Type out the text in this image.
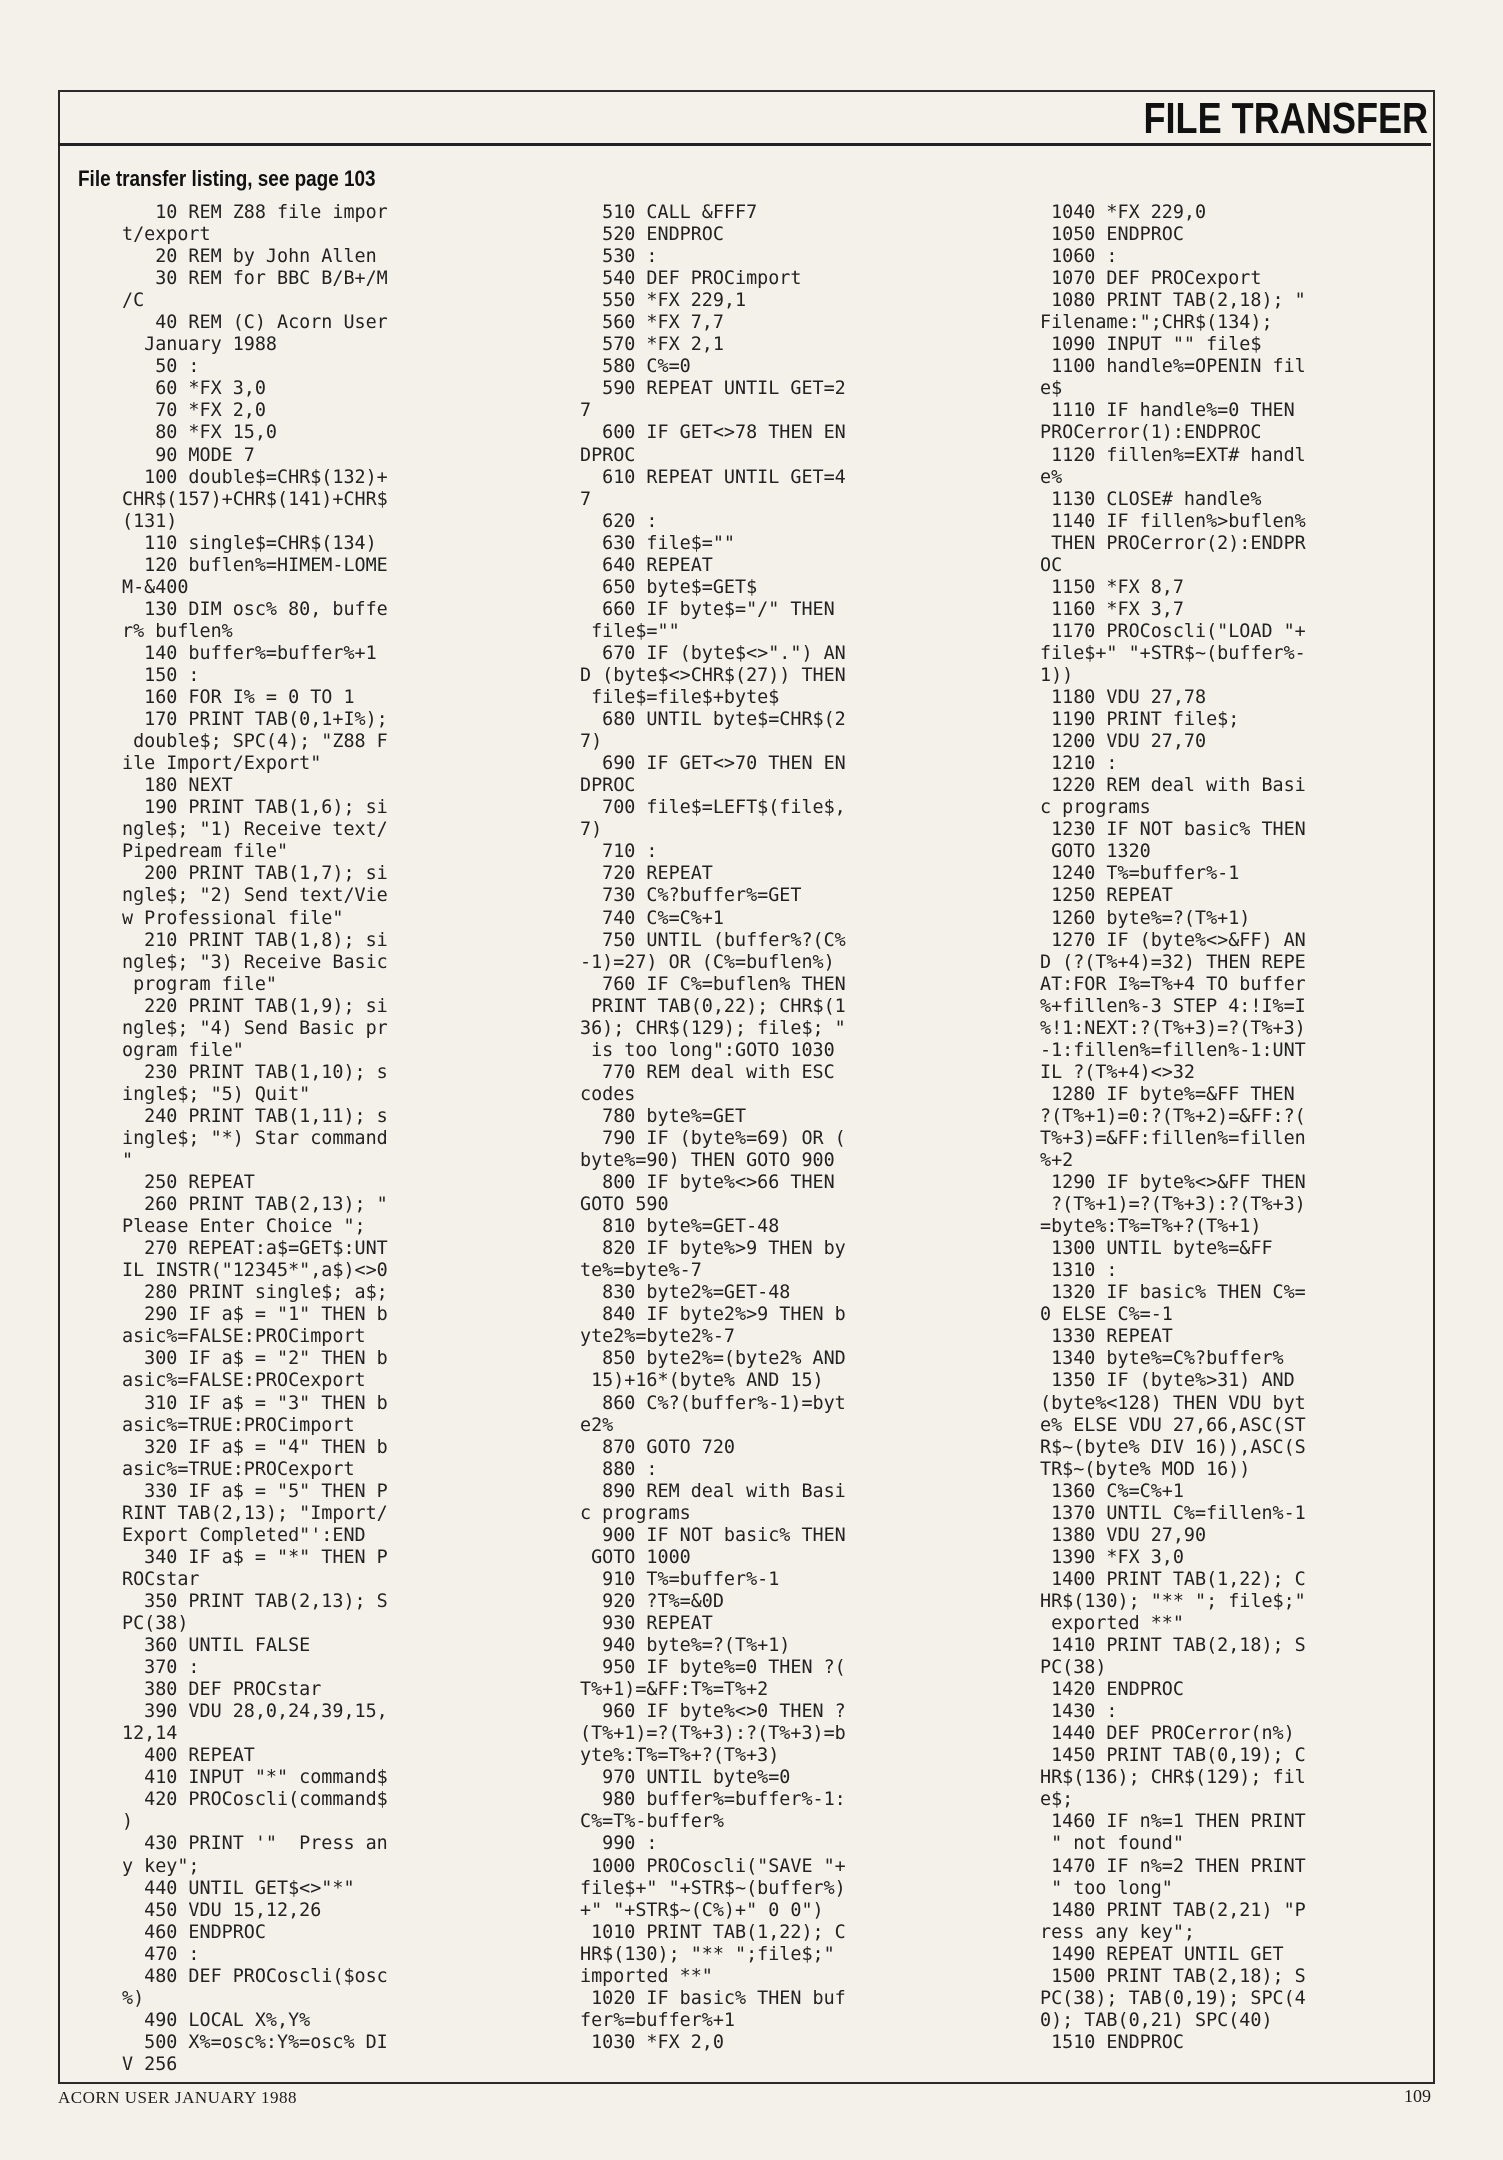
FILE TRANSFER
File transfer listing, see page 103
10 REM Z88 file impor
t/export
20 REM by John Allen
30 REM for BBC B/B+/M
/C
40 REM (C) Acorn User
January 1988
50 :
60 *FX 3,0
70 *FX 2,0
80 *FX 15,0
90 MODE 7
100 double$=CHR$(132)+
CHR$(157)+CHR$(141)+CHR$
(131)
110 single$=CHR$(134)
120 buflen%=HIMEM-LOME
M-&400
130 DIM osc% 80, buffe
r% buflen%
140 buffer%=buffer%+1
150 :
160 FOR I% = 0 TO 1
170 PRINT TAB(0,1+I%);
double$; SPC(4); "Z88 F
ile Import/Export"
180 NEXT
190 PRINT TAB(1,6); si
ngle$; "1) Receive text/
Pipedream file"
200 PRINT TAB(1,7); si
ngle$; "2) Send text/Vie
w Professional file"
210 PRINT TAB(1,8); si
ngle$; "3) Receive Basic
program file"
220 PRINT TAB(1,9); si
ngle$; "4) Send Basic pr
ogram file"
230 PRINT TAB(1,10); s
ingle$; "5) Quit"
240 PRINT TAB(1,11); s
ingle$; "*) Star command
"
250 REPEAT
260 PRINT TAB(2,13); "
Please Enter Choice ";
270 REPEAT:a$=GET$:UNT
IL INSTR("12345*",a$)<>0
280 PRINT single$; a$;
290 IF a$ = "1" THEN b
asic%=FALSE:PROCimport
300 IF a$ = "2" THEN b
asic%=FALSE:PROCexport
310 IF a$ = "3" THEN b
asic%=TRUE:PROCimport
320 IF a$ = "4" THEN b
asic%=TRUE:PROCexport
330 IF a$ = "5" THEN P
RINT TAB(2,13); "Import/
Export Completed"':END
340 IF a$ = "*" THEN P
ROCstar
350 PRINT TAB(2,13); S
PC(38)
360 UNTIL FALSE
370 :
380 DEF PROCstar
390 VDU 28,0,24,39,15,
12,14
400 REPEAT
410 INPUT "*" command$
420 PROCoscli(command$
)
430 PRINT '"  Press an
y key";
440 UNTIL GET$<>"*"
450 VDU 15,12,26
460 ENDPROC
470 :
480 DEF PROCoscli($osc
%)
490 LOCAL X%,Y%
500 X%=osc%:Y%=osc% DI
V 256
510 CALL &FFF7
520 ENDPROC
530 :
540 DEF PROCimport
550 *FX 229,1
560 *FX 7,7
570 *FX 2,1
580 C%=0
590 REPEAT UNTIL GET=2
7
600 IF GET<>78 THEN EN
DPROC
610 REPEAT UNTIL GET=4
7
620 :
630 file$=""
640 REPEAT
650 byte$=GET$
660 IF byte$="/" THEN
file$=""
670 IF (byte$<>".") AN
D (byte$<>CHR$(27)) THEN
file$=file$+byte$
680 UNTIL byte$=CHR$(2
7)
690 IF GET<>70 THEN EN
DPROC
700 file$=LEFT$(file$,
7)
710 :
720 REPEAT
730 C%?buffer%=GET
740 C%=C%+1
750 UNTIL (buffer%?(C%
-1)=27) OR (C%=buflen%)
760 IF C%=buflen% THEN
PRINT TAB(0,22); CHR$(1
36); CHR$(129); file$; "
is too long":GOTO 1030
770 REM deal with ESC
codes
780 byte%=GET
790 IF (byte%=69) OR (
byte%=90) THEN GOTO 900
800 IF byte%<>66 THEN
GOTO 590
810 byte%=GET-48
820 IF byte%>9 THEN by
te%=byte%-7
830 byte2%=GET-48
840 IF byte2%>9 THEN b
yte2%=byte2%-7
850 byte2%=(byte2% AND
15)+16*(byte% AND 15)
860 C%?(buffer%-1)=byt
e2%
870 GOTO 720
880 :
890 REM deal with Basi
c programs
900 IF NOT basic% THEN
GOTO 1000
910 T%=buffer%-1
920 ?T%=&0D
930 REPEAT
940 byte%=?(T%+1)
950 IF byte%=0 THEN ?(
T%+1)=&FF:T%=T%+2
960 IF byte%<>0 THEN ?
(T%+1)=?(T%+3):?(T%+3)=b
yte%:T%=T%+?(T%+3)
970 UNTIL byte%=0
980 buffer%=buffer%-1:
C%=T%-buffer%
990 :
1000 PROCoscli("SAVE "+
file$+" "+STR$~(buffer%)
+" "+STR$~(C%)+" 0 0")
1010 PRINT TAB(1,22); C
HR$(130); "** ";file$;"
imported **"
1020 IF basic% THEN buf
fer%=buffer%+1
1030 *FX 2,0
1040 *FX 229,0
1050 ENDPROC
1060 :
1070 DEF PROCexport
1080 PRINT TAB(2,18); "
Filename:";CHR$(134);
1090 INPUT "" file$
1100 handle%=OPENIN fil
e$
1110 IF handle%=0 THEN
PROCerror(1):ENDPROC
1120 fillen%=EXT# handl
e%
1130 CLOSE# handle%
1140 IF fillen%>buflen%
THEN PROCerror(2):ENDPR
OC
1150 *FX 8,7
1160 *FX 3,7
1170 PROCoscli("LOAD "+
file$+" "+STR$~(buffer%-
1))
1180 VDU 27,78
1190 PRINT file$;
1200 VDU 27,70
1210 :
1220 REM deal with Basi
c programs
1230 IF NOT basic% THEN
GOTO 1320
1240 T%=buffer%-1
1250 REPEAT
1260 byte%=?(T%+1)
1270 IF (byte%<>&FF) AN
D (?(T%+4)=32) THEN REPE
AT:FOR I%=T%+4 TO buffer
%+fillen%-3 STEP 4:!I%=I
%!1:NEXT:?(T%+3)=?(T%+3)
-1:fillen%=fillen%-1:UNT
IL ?(T%+4)<>32
1280 IF byte%=&FF THEN
?(T%+1)=0:?(T%+2)=&FF:?(
T%+3)=&FF:fillen%=fillen
%+2
1290 IF byte%<>&FF THEN
?(T%+1)=?(T%+3):?(T%+3)
=byte%:T%=T%+?(T%+1)
1300 UNTIL byte%=&FF
1310 :
1320 IF basic% THEN C%=
0 ELSE C%=-1
1330 REPEAT
1340 byte%=C%?buffer%
1350 IF (byte%>31) AND
(byte%<128) THEN VDU byt
e% ELSE VDU 27,66,ASC(ST
R$~(byte% DIV 16)),ASC(S
TR$~(byte% MOD 16))
1360 C%=C%+1
1370 UNTIL C%=fillen%-1
1380 VDU 27,90
1390 *FX 3,0
1400 PRINT TAB(1,22); C
HR$(130); "** "; file$;"
exported **"
1410 PRINT TAB(2,18); S
PC(38)
1420 ENDPROC
1430 :
1440 DEF PROCerror(n%)
1450 PRINT TAB(0,19); C
HR$(136); CHR$(129); fil
e$;
1460 IF n%=1 THEN PRINT
" not found"
1470 IF n%=2 THEN PRINT
" too long"
1480 PRINT TAB(2,21) "P
ress any key";
1490 REPEAT UNTIL GET
1500 PRINT TAB(2,18); S
PC(38); TAB(0,19); SPC(4
0); TAB(0,21) SPC(40)
1510 ENDPROC
ACORN USER JANUARY 1988	109
